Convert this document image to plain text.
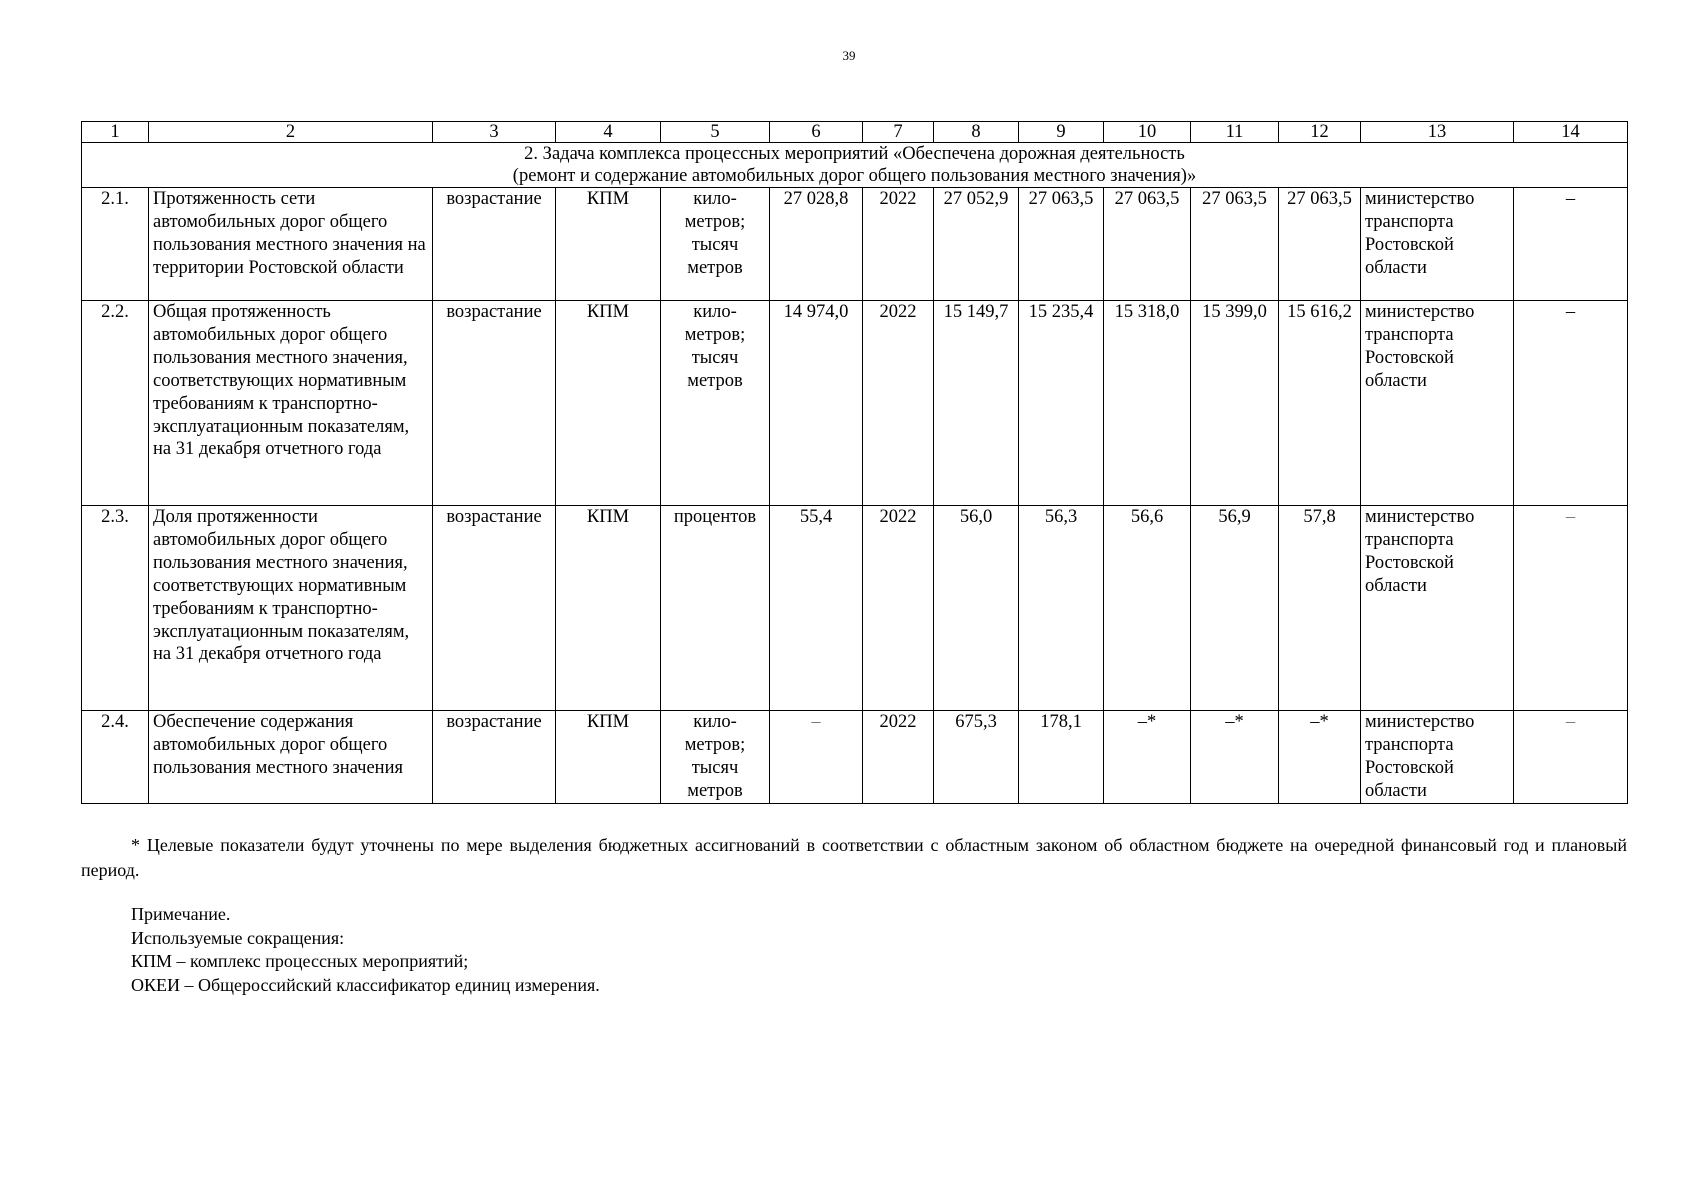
39
1	2	3	4	5	6	7	8	9	10	11	12	13	14

2. Задача комплекса процессных мероприятий «Обеспечена дорожная деятельность
(ремонт и содержание автомобильных дорог общего пользования местного значения)»													

2.1.	Протяженность сети автомобильных дорог общего пользования местного значения на территории Ростовской области	возрастание	КПМ	кило-
метров;
тысяч
метров	27 028,8	2022	27 052,9	27 063,5	27 063,5	27 063,5	27 063,5	министерство транспорта Ростовской области	–
2.2.	Общая протяженность автомобильных дорог общего пользования местного значения, соответствующих нормативным требованиям к транспортно-эксплуатационным показателям, на 31 декабря отчетного года	возрастание	КПМ	кило-
метров;
тысяч
метров	14 974,0	2022	15 149,7	15 235,4	15 318,0	15 399,0	15 616,2	министерство транспорта Ростовской области	–
2.3.	Доля протяженности автомобильных дорог общего пользования местного значения, соответствующих нормативным требованиям к транспортно-эксплуатационным показателям, на 31 декабря отчетного года	возрастание	КПМ	процентов	55,4	2022	56,0	56,3	56,6	56,9	57,8	министерство транспорта Ростовской области	–
2.4.	Обеспечение содержания автомобильных дорог общего пользования местного значения	возрастание	КПМ	кило-
метров;
тысяч
метров	–	2022	675,3	178,1	–*	–*	–*	министерство транспорта Ростовской области	–
* Целевые показатели будут уточнены по мере выделения бюджетных ассигнований в соответствии с областным законом об областном бюджете на очередной финансовый год и плановый период.
Примечание.
Используемые сокращения:
КПМ – комплекс процессных мероприятий;
ОКЕИ – Общероссийский классификатор единиц измерения.
